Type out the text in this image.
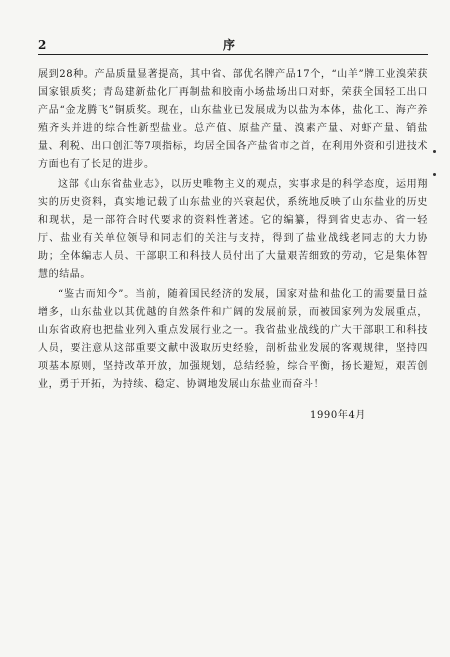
2	序

展到28种。产品质量显著提高，其中省、部优名牌产品17个，“山羊”牌工业溴荣获国家银质奖；青岛建新盐化厂再制盐和胶南小场盐场出口对虾，荣获全国轻工出口产品“金龙腾飞”铜质奖。现在，山东盐业已发展成为以盐为本体，盐化工、海产养殖齐头并进的综合性新型盐业。总产值、原盐产量、溴素产量、对虾产量、销盐量、利税、出口创汇等7项指标，均居全国各产盐省市之首，在利用外资和引进技术方面也有了长足的进步。

这部《山东省盐业志》，以历史唯物主义的观点，实事求是的科学态度，运用翔实的历史资料，真实地记载了山东盐业的兴衰起伏，系统地反映了山东盐业的历史和现状，是一部符合时代要求的资料性著述。它的编纂，得到省史志办、省一轻厅、盐业有关单位领导和同志们的关注与支持，得到了盐业战线老同志的大力协助；全体编志人员、干部职工和科技人员付出了大量艰苦细致的劳动，它是集体智慧的结晶。

“鉴古而知今”。当前，随着国民经济的发展，国家对盐和盐化工的需要量日益增多，山东盐业以其优越的自然条件和广阔的发展前景，而被国家列为发展重点，山东省政府也把盐业列入重点发展行业之一。我省盐业战线的广大干部职工和科技人员，要注意从这部重要文献中汲取历史经验，剖析盐业发展的客观规律，坚持四项基本原则，坚持改革开放，加强规划，总结经验，综合平衡，扬长避短，艰苦创业，勇于开拓，为持续、稳定、协调地发展山东盐业而奋斗！

1990年4月
